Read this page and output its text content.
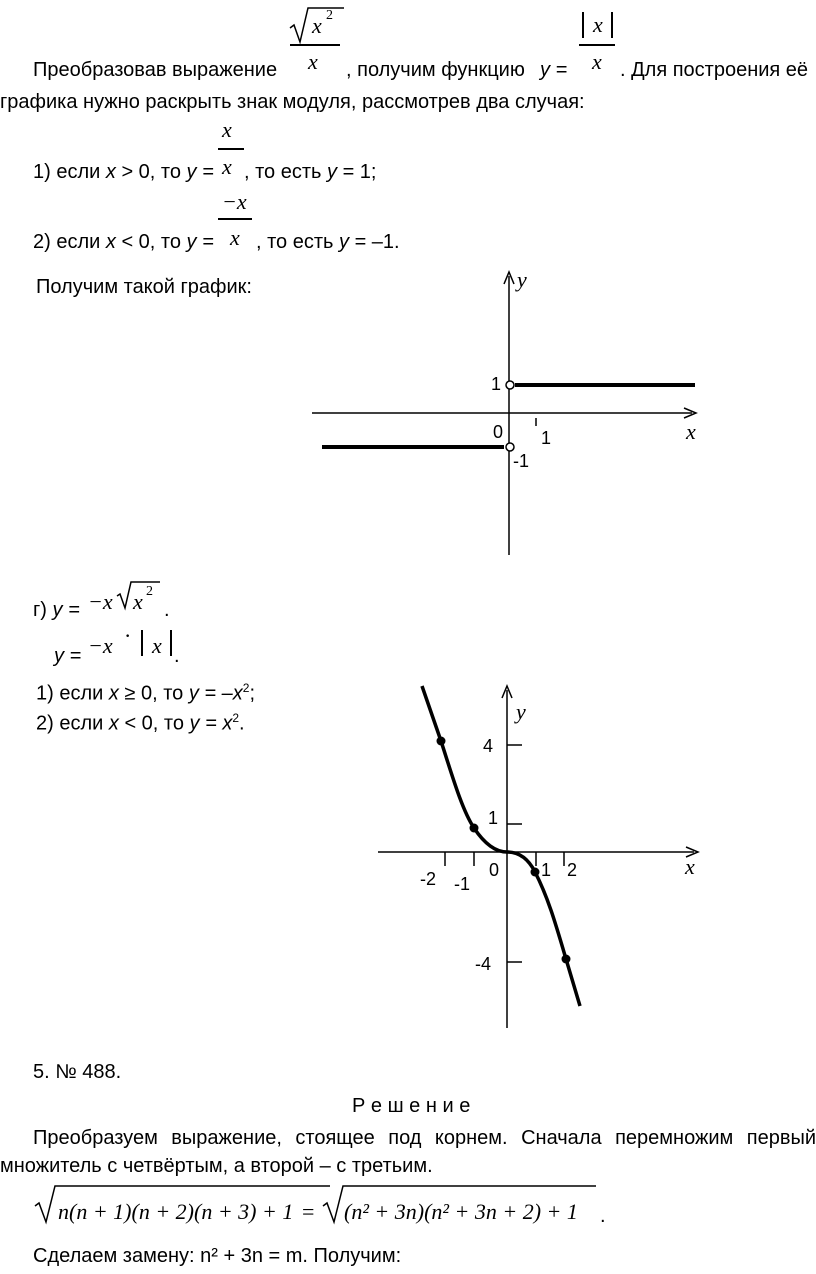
Преобразовав выражение
x 2
x , получим функцию y =
x
x . Для построения её
графика нужно раскрыть знак модуля, рассмотрев два случая:
x
1) если x > 0, то y = x , то есть y = 1;
−x
2) если x < 0, то y = x , то есть y = –1.
Получим такой график:	y
x
1
0 1
-1
г) y = −x x 2
.
y = −x · x .
1) если x ≥ 0, то $y = -x^2$;
2) если x < 0, то $y = x^2$.	y
x
4
1
0
-4
-2 -1
1 2
5. № 488.
Р е ш е н и е
Преобразуем выражение, стоящее под корнем. Сначала перемножим первый
множитель с четвёртым, а второй – с третьим.
n(n + 1)(n + 2)(n + 3) + 1 = (n² + 3n)(n² + 3n + 2) + 1 .
Сделаем замену: n² + 3n = m. Получим:
